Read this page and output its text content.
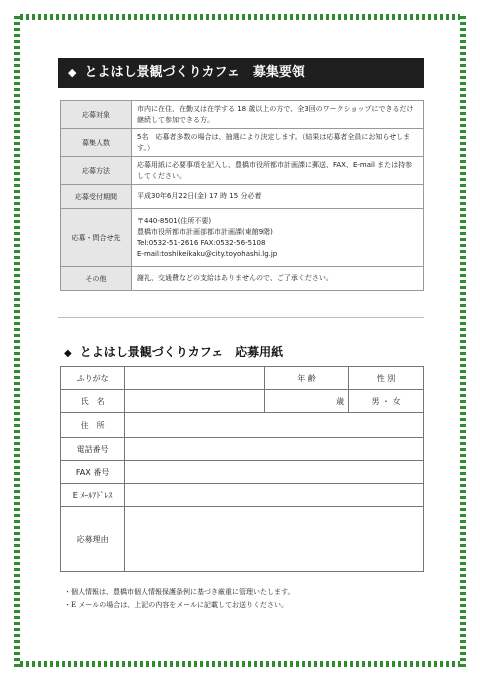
◆ とよはし景観づくりカフェ　募集要領
応募対象	市内に在住、在勤又は在学する 18 歳以上の方で、全3回のワークショップにできるだけ継続して参加できる方。
募集人数	5名　応募者多数の場合は、抽選により決定します。（結果は応募者全員にお知らせします。）
応募方法	応募用紙に必要事項を記入し、豊橋市役所都市計画課に郵送、FAX、E-mail または持参してください。
応募受付期間	平成30年6月22日(金) 17 時 15 分必着
応募・問合せ先	〒440-8501(住所不要)
豊橋市役所都市計画部都市計画課(東館9階)
Tel:0532-51-2616 FAX:0532-56-5108
E-mail:toshikeikaku@city.toyohashi.lg.jp

その他	謝礼、交通費などの支給はありませんので、ご了承ください。
◆ とよはし景観づくりカフェ　応募用紙
ふりがな		年 齢	性 別
氏　名		歳	男 ・ 女
住　所			
電話番号			
FAX 番号			
E ﾒｰﾙｱﾄﾞﾚｽ			
応募理由			
・個人情報は、豊橋市個人情報保護条例に基づき厳重に管理いたします。
・E メールの場合は、上記の内容をメールに記載してお送りください。
